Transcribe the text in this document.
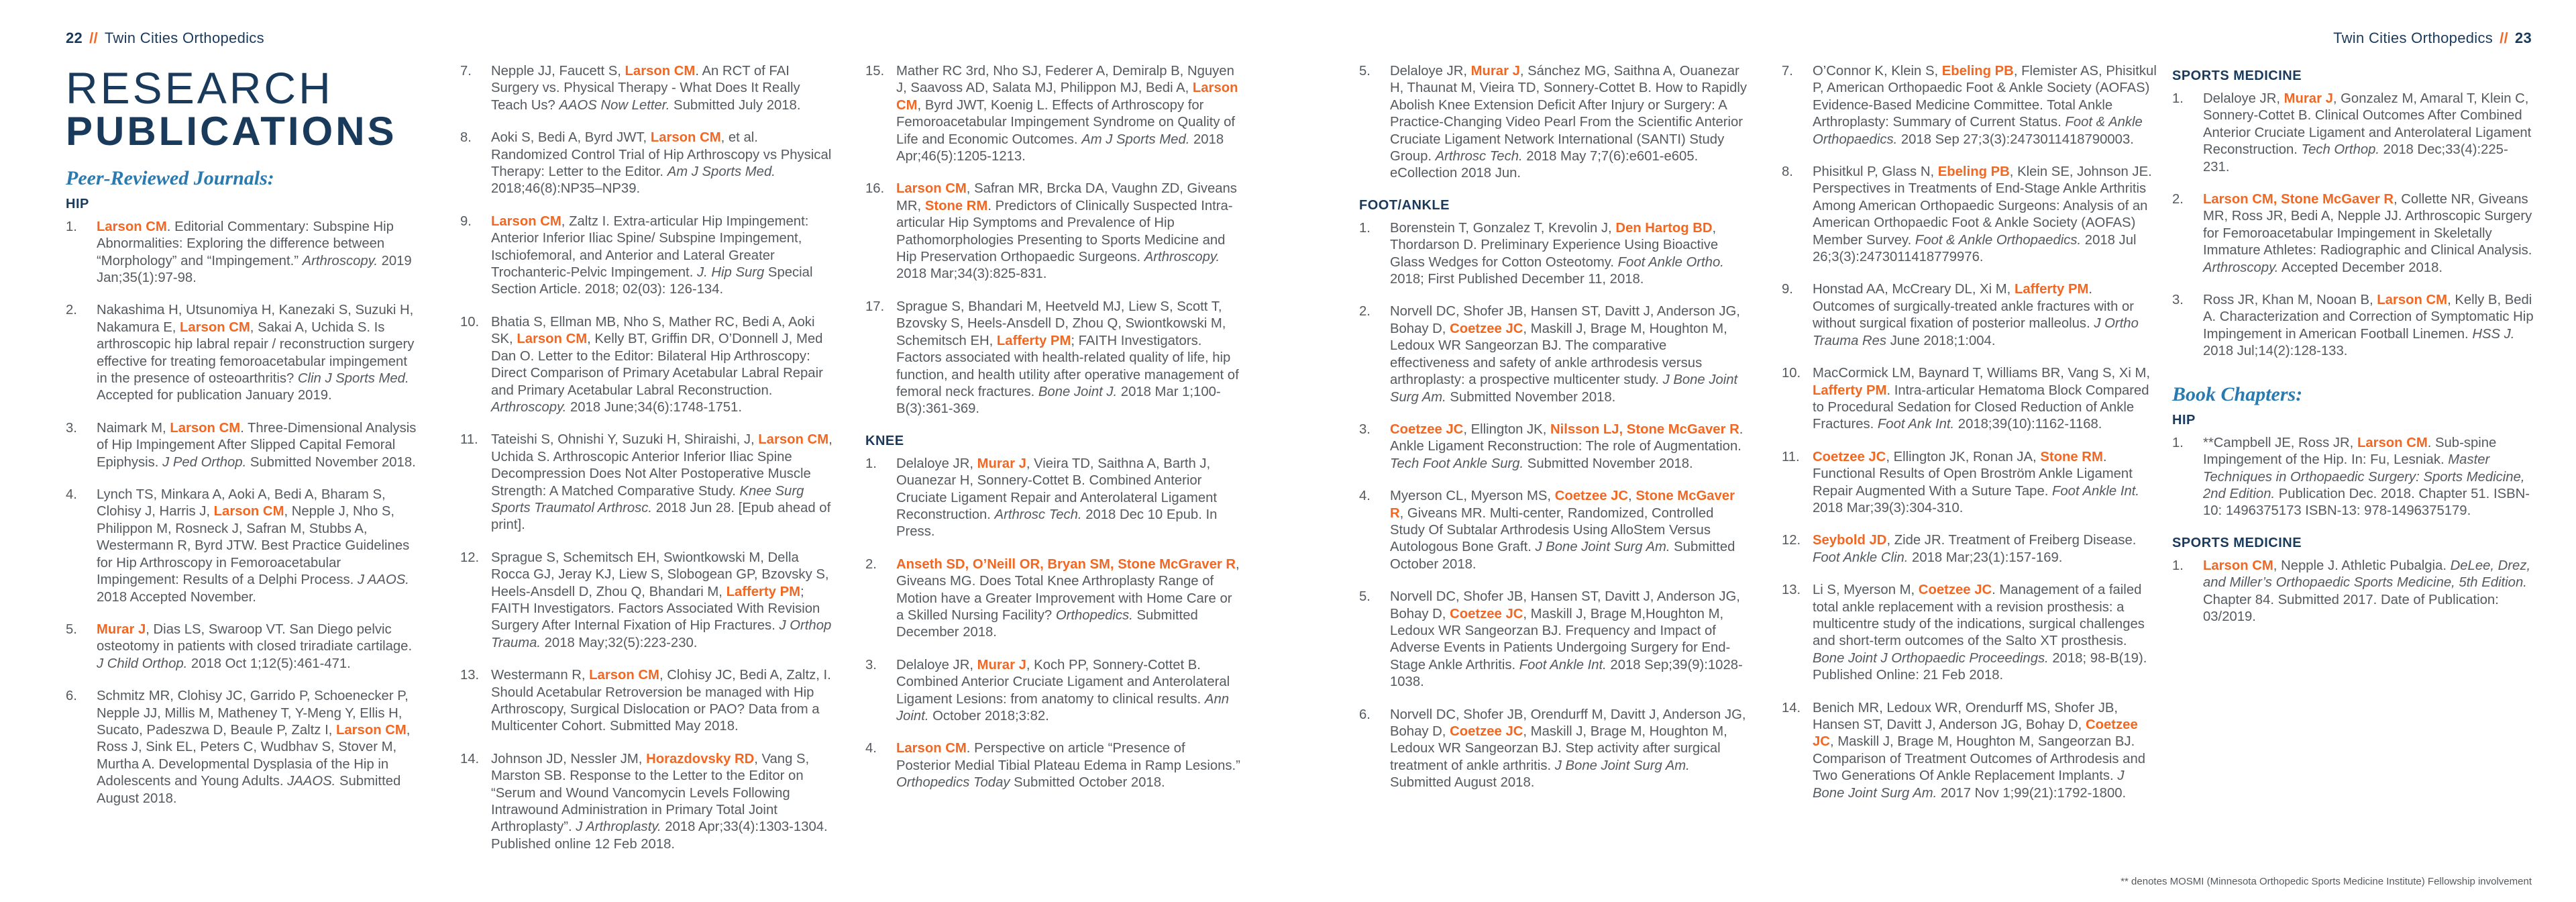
22 // Twin Cities Orthopedics	Twin Cities Orthopedics // 23
RESEARCH
PUBLICATIONS
Peer-Reviewed Journals:
HIP
1.	Larson CM. Editorial Commentary: Subspine Hip Abnormalities: Exploring the difference between “Morphology” and “Impingement.” Arthroscopy. 2019 Jan;35(1):97-98.
2.	Nakashima H, Utsunomiya H, Kanezaki S, Suzuki H, Nakamura E, Larson CM, Sakai A, Uchida S. Is arthroscopic hip labral repair / reconstruction surgery effective for treating femoroacetabular impingement in the presence of osteoarthritis? Clin J Sports Med. Accepted for publication January 2019.
3.	Naimark M, Larson CM. Three-Dimensional Analysis of Hip Impingement After Slipped Capital Femoral Epiphysis. J Ped Orthop. Submitted November 2018.
4.	Lynch TS, Minkara A, Aoki A, Bedi A, Bharam S, Clohisy J, Harris J, Larson CM, Nepple J, Nho S, Philippon M, Rosneck J, Safran M, Stubbs A, Westermann R, Byrd JTW. Best Practice Guidelines for Hip Arthroscopy in Femoroacetabular Impingement: Results of a Delphi Process. J AAOS. 2018 Accepted November.
5.	Murar J, Dias LS, Swaroop VT. San Diego pelvic osteotomy in patients with closed triradiate cartilage. J Child Orthop. 2018 Oct 1;12(5):461-471.
6.	Schmitz MR, Clohisy JC, Garrido P, Schoenecker P, Nepple JJ, Millis M, Matheney T, Y-Meng Y, Ellis H, Sucato, Padeszwa D, Beaule P, Zaltz I, Larson CM, Ross J, Sink EL, Peters C, Wudbhav S, Stover M, Murtha A. Developmental Dysplasia of the Hip in Adolescents and Young Adults. JAAOS. Submitted August 2018.
7.	Nepple JJ, Faucett S, Larson CM. An RCT of FAI Surgery vs. Physical Therapy - What Does It Really Teach Us? AAOS Now Letter. Submitted July 2018.
8.	Aoki S, Bedi A, Byrd JWT, Larson CM, et al. Randomized Control Trial of Hip Arthroscopy vs Physical Therapy: Letter to the Editor. Am J Sports Med. 2018;46(8):NP35–NP39.
9.	Larson CM, Zaltz I. Extra-articular Hip Impingement: Anterior Inferior Iliac Spine/ Subspine Impingement, Ischiofemoral, and Anterior and Lateral Greater Trochanteric-Pelvic Impingement. J. Hip Surg Special Section Article. 2018; 02(03): 126-134.
10. Bhatia S, Ellman MB, Nho S, Mather RC, Bedi A, Aoki SK, Larson CM, Kelly BT, Griffin DR, O’Donnell J, Med Dan O. Letter to the Editor: Bilateral Hip Arthroscopy: Direct Comparison of Primary Acetabular Labral Repair and Primary Acetabular Labral Reconstruction. Arthroscopy. 2018 June;34(6):1748-1751.
11. Tateishi S, Ohnishi Y, Suzuki H, Shiraishi, J, Larson CM, Uchida S. Arthroscopic Anterior Inferior Iliac Spine Decompression Does Not Alter Postoperative Muscle Strength: A Matched Comparative Study. Knee Surg Sports Traumatol Arthrosc. 2018 Jun 28. [Epub ahead of print].
12. Sprague S, Schemitsch EH, Swiontkowski M, Della Rocca GJ, Jeray KJ, Liew S, Slobogean GP, Bzovsky S, Heels-Ansdell D, Zhou Q, Bhandari M, Lafferty PM; FAITH Investigators. Factors Associated With Revision Surgery After Internal Fixation of Hip Fractures. J Orthop Trauma. 2018 May;32(5):223-230.
13. Westermann R, Larson CM, Clohisy JC, Bedi A, Zaltz, I. Should Acetabular Retroversion be managed with Hip Arthroscopy, Surgical Dislocation or PAO? Data from a Multicenter Cohort. Submitted May 2018.
14. Johnson JD, Nessler JM, Horazdovsky RD, Vang S, Marston SB. Response to the Letter to the Editor on “Serum and Wound Vancomycin Levels Following Intrawound Administration in Primary Total Joint Arthroplasty”. J Arthroplasty. 2018 Apr;33(4):1303-1304. Published online 12 Feb 2018.
15. Mather RC 3rd, Nho SJ, Federer A, Demiralp B, Nguyen J, Saavoss AD, Salata MJ, Philippon MJ, Bedi A, Larson CM, Byrd JWT, Koenig L. Effects of Arthroscopy for Femoroacetabular Impingement Syndrome on Quality of Life and Economic Outcomes. Am J Sports Med. 2018 Apr;46(5):1205-1213.
16. Larson CM, Safran MR, Brcka DA, Vaughn ZD, Giveans MR, Stone RM. Predictors of Clinically Suspected Intra-articular Hip Symptoms and Prevalence of Hip Pathomorphologies Presenting to Sports Medicine and Hip Preservation Orthopaedic Surgeons. Arthroscopy. 2018 Mar;34(3):825-831.
17. Sprague S, Bhandari M, Heetveld MJ, Liew S, Scott T, Bzovsky S, Heels-Ansdell D, Zhou Q, Swiontkowski M, Schemitsch EH, Lafferty PM; FAITH Investigators. Factors associated with health-related quality of life, hip function, and health utility after operative management of femoral neck fractures. Bone Joint J. 2018 Mar 1;100-B(3):361-369.
KNEE
1.	Delaloye JR, Murar J, Vieira TD, Saithna A, Barth J, Ouanezar H, Sonnery-Cottet B. Combined Anterior Cruciate Ligament Repair and Anterolateral Ligament Reconstruction. Arthrosc Tech. 2018 Dec 10 Epub. In Press.
2.	Anseth SD, O’Neill OR, Bryan SM, Stone McGraver R, Giveans MG. Does Total Knee Arthroplasty Range of Motion have a Greater Improvement with Home Care or a Skilled Nursing Facility? Orthopedics. Submitted December 2018.
3.	Delaloye JR, Murar J, Koch PP, Sonnery-Cottet B. Combined Anterior Cruciate Ligament and Anterolateral Ligament Lesions: from anatomy to clinical results. Ann Joint. October 2018;3:82.
4.	Larson CM. Perspective on article “Presence of Posterior Medial Tibial Plateau Edema in Ramp Lesions.” Orthopedics Today Submitted October 2018.
5.	Delaloye JR, Murar J, Sánchez MG, Saithna A, Ouanezar H, Thaunat M, Vieira TD, Sonnery-Cottet B. How to Rapidly Abolish Knee Extension Deficit After Injury or Surgery: A Practice-Changing Video Pearl From the Scientific Anterior Cruciate Ligament Network International (SANTI) Study Group. Arthrosc Tech. 2018 May 7;7(6):e601-e605. eCollection 2018 Jun.
FOOT/ANKLE
1.	Borenstein T, Gonzalez T, Krevolin J, Den Hartog BD, Thordarson D. Preliminary Experience Using Bioactive Glass Wedges for Cotton Osteotomy. Foot Ankle Ortho. 2018; First Published December 11, 2018.
2.	Norvell DC, Shofer JB, Hansen ST, Davitt J, Anderson JG, Bohay D, Coetzee JC, Maskill J, Brage M, Houghton M, Ledoux WR Sangeorzan BJ. The comparative effectiveness and safety of ankle arthrodesis versus arthroplasty: a prospective multicenter study. J Bone Joint Surg Am. Submitted November 2018.
3.	Coetzee JC, Ellington JK, Nilsson LJ, Stone McGaver R. Ankle Ligament Reconstruction: The role of Augmentation. Tech Foot Ankle Surg. Submitted November 2018.
4.	Myerson CL, Myerson MS, Coetzee JC, Stone McGaver R, Giveans MR. Multi-center, Randomized, Controlled Study Of Subtalar Arthrodesis Using AlloStem Versus Autologous Bone Graft. J Bone Joint Surg Am. Submitted October 2018.
5.	Norvell DC, Shofer JB, Hansen ST, Davitt J, Anderson JG, Bohay D, Coetzee JC, Maskill J, Brage M,Houghton M, Ledoux WR Sangeorzan BJ. Frequency and Impact of Adverse Events in Patients Undergoing Surgery for End-Stage Ankle Arthritis. Foot Ankle Int. 2018 Sep;39(9):1028-1038.
6.	Norvell DC, Shofer JB, Orendurff M, Davitt J, Anderson JG, Bohay D, Coetzee JC, Maskill J, Brage M, Houghton M, Ledoux WR Sangeorzan BJ. Step activity after surgical treatment of ankle arthritis. J Bone Joint Surg Am. Submitted August 2018.
7.	O’Connor K, Klein S, Ebeling PB, Flemister AS, Phisitkul P, American Orthopaedic Foot & Ankle Society (AOFAS) Evidence-Based Medicine Committee. Total Ankle Arthroplasty: Summary of Current Status. Foot & Ankle Orthopaedics. 2018 Sep 27;3(3):2473011418790003.
8.	Phisitkul P, Glass N, Ebeling PB, Klein SE, Johnson JE. Perspectives in Treatments of End-Stage Ankle Arthritis Among American Orthopaedic Surgeons: Analysis of an American Orthopaedic Foot & Ankle Society (AOFAS) Member Survey. Foot & Ankle Orthopaedics. 2018 Jul 26;3(3):2473011418779976.
9.	Honstad AA, McCreary DL, Xi M, Lafferty PM. Outcomes of surgically-treated ankle fractures with or without surgical fixation of posterior malleolus. J Ortho Trauma Res June 2018;1:004.
10. MacCormick LM, Baynard T, Williams BR, Vang S, Xi M, Lafferty PM. Intra-articular Hematoma Block Compared to Procedural Sedation for Closed Reduction of Ankle Fractures. Foot Ank Int. 2018;39(10):1162-1168.
11. Coetzee JC, Ellington JK, Ronan JA, Stone RM. Functional Results of Open Broström Ankle Ligament Repair Augmented With a Suture Tape. Foot Ankle Int. 2018 Mar;39(3):304-310.
12. Seybold JD, Zide JR. Treatment of Freiberg Disease. Foot Ankle Clin. 2018 Mar;23(1):157-169.
13. Li S, Myerson M, Coetzee JC. Management of a failed total ankle replacement with a revision prosthesis: a multicentre study of the indications, surgical challenges and short-term outcomes of the Salto XT prosthesis. Bone Joint J Orthopaedic Proceedings. 2018; 98-B(19). Published Online: 21 Feb 2018.
14. Benich MR, Ledoux WR, Orendurff MS, Shofer JB, Hansen ST, Davitt J, Anderson JG, Bohay D, Coetzee JC, Maskill J, Brage M, Houghton M, Sangeorzan BJ. Comparison of Treatment Outcomes of Arthrodesis and Two Generations Of Ankle Replacement Implants. J Bone Joint Surg Am. 2017 Nov 1;99(21):1792-1800.
SPORTS MEDICINE
1.	Delaloye JR, Murar J, Gonzalez M, Amaral T, Klein C, Sonnery-Cottet B. Clinical Outcomes After Combined Anterior Cruciate Ligament and Anterolateral Ligament Reconstruction. Tech Orthop. 2018 Dec;33(4):225-231.
2.	Larson CM, Stone McGaver R, Collette NR, Giveans MR, Ross JR, Bedi A, Nepple JJ. Arthroscopic Surgery for Femoroacetabular Impingement in Skeletally Immature Athletes: Radiographic and Clinical Analysis. Arthroscopy. Accepted December 2018.
3.	Ross JR, Khan M, Nooan B, Larson CM, Kelly B, Bedi A. Characterization and Correction of Symptomatic Hip Impingement in American Football Linemen. HSS J. 2018 Jul;14(2):128-133.
Book Chapters:
HIP
1.	**Campbell JE, Ross JR, Larson CM. Sub-spine Impingement of the Hip. In: Fu, Lesniak. Master Techniques in Orthopaedic Surgery: Sports Medicine, 2nd Edition. Publication Dec. 2018. Chapter 51. ISBN-10: 1496375173 ISBN-13: 978-1496375179.
SPORTS MEDICINE
1.	Larson CM, Nepple J. Athletic Pubalgia. DeLee, Drez, and Miller’s Orthopaedic Sports Medicine, 5th Edition. Chapter 84. Submitted 2017. Date of Publication: 03/2019.
** denotes MOSMI (Minnesota Orthopedic Sports Medicine Institute) Fellowship involvement
